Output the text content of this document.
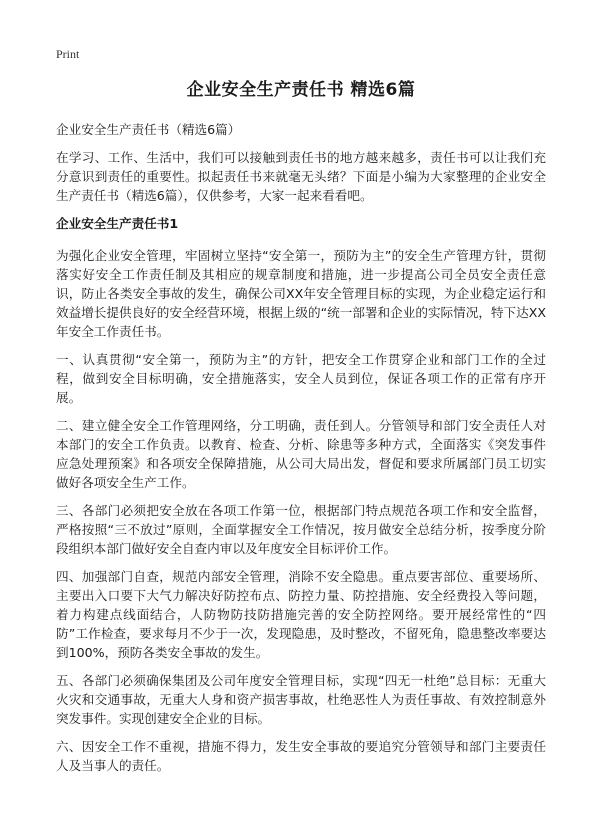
Print
企业安全生产责任书 精选6篇

企业安全生产责任书（精选6篇）

在学习、工作、生活中，我们可以接触到责任书的地方越来越多，责任书可以让我们充分意识到责任的重要性。拟起责任书来就毫无头绪？下面是小编为大家整理的企业安全生产责任书（精选6篇），仅供参考，大家一起来看看吧。

企业安全生产责任书1

为强化企业安全管理，牢固树立坚持“安全第一，预防为主”的安全生产管理方针，贯彻落实好安全工作责任制及其相应的规章制度和措施，进一步提高公司全员安全责任意识，防止各类安全事故的发生，确保公司XX年安全管理目标的实现，为企业稳定运行和效益增长提供良好的安全经营环境，根据上级的“统一部署和企业的实际情况，特下达XX年安全工作责任书。

一、认真贯彻“安全第一，预防为主”的方针，把安全工作贯穿企业和部门工作的全过程，做到安全目标明确，安全措施落实，安全人员到位，保证各项工作的正常有序开展。

二、建立健全安全工作管理网络，分工明确，责任到人。分管领导和部门安全责任人对本部门的安全工作负责。以教育、检查、分析、除患等多种方式，全面落实《突发事件应急处理预案》和各项安全保障措施，从公司大局出发，督促和要求所属部门员工切实做好各项安全生产工作。

三、各部门必须把安全放在各项工作第一位，根据部门特点规范各项工作和安全监督，严格按照“三不放过”原则，全面掌握安全工作情况，按月做安全总结分析，按季度分阶段组织本部门做好安全自查内审以及年度安全目标评价工作。

四、加强部门自查，规范内部安全管理，消除不安全隐患。重点要害部位、重要场所、主要出入口要下大气力解决好防控布点、防控力量、防控措施、安全经费投入等问题，着力构建点线面结合，人防物防技防措施完善的安全防控网络。要开展经常性的“四防”工作检查，要求每月不少于一次，发现隐患，及时整改，不留死角，隐患整改率要达到100%，预防各类安全事故的发生。

五、各部门必须确保集团及公司年度安全管理目标，实现“四无一杜绝”总目标：无重大火灾和交通事故，无重大人身和资产损害事故，杜绝恶性人为责任事故、有效控制意外突发事件。实现创建安全企业的目标。

六、因安全工作不重视，措施不得力，发生安全事故的要追究分管领导和部门主要责任人及当事人的责任。
